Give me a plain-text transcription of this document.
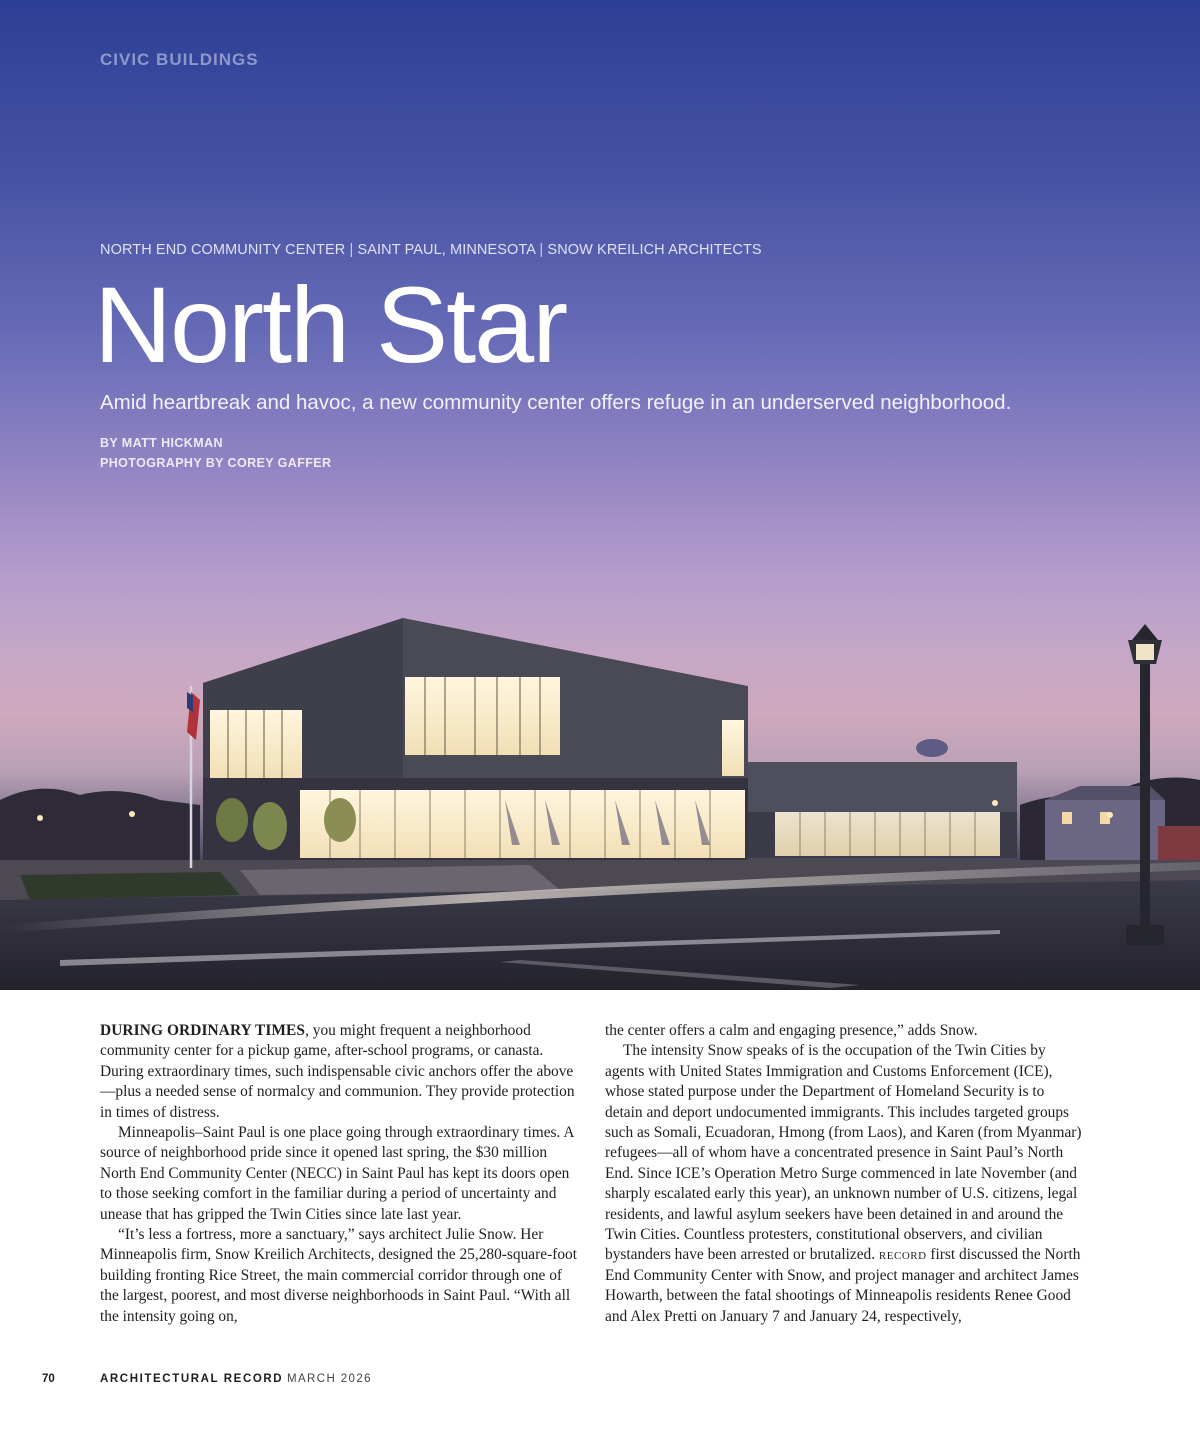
CIVIC BUILDINGS

NORTH END COMMUNITY CENTER | SAINT PAUL, MINNESOTA | SNOW KREILICH ARCHITECTS

North Star

Amid heartbreak and havoc, a new community center offers refuge in an underserved neighborhood.

BY MATT HICKMAN
PHOTOGRAPHY BY COREY GAFFER

DURING ORDINARY TIMES, you might frequent a neighborhood community center for a pickup game, after-school programs, or canasta. During extraordinary times, such indispensable civic anchors offer the above—plus a needed sense of normalcy and communion. They provide protection in times of distress.

Minneapolis–Saint Paul is one place going through extraordinary times. A source of neighborhood pride since it opened last spring, the $30 million North End Community Center (NECC) in Saint Paul has kept its doors open to those seeking comfort in the familiar during a period of uncertainty and unease that has gripped the Twin Cities since late last year.

“It’s less a fortress, more a sanctuary,” says architect Julie Snow. Her Minneapolis firm, Snow Kreilich Architects, designed the 25,280-square-foot building fronting Rice Street, the main commercial corridor through one of the largest, poorest, and most diverse neighborhoods in Saint Paul. “With all the intensity going on,

the center offers a calm and engaging presence,” adds Snow.

The intensity Snow speaks of is the occupation of the Twin Cities by agents with United States Immigration and Customs Enforcement (ICE), whose stated purpose under the Department of Homeland Security is to detain and deport undocumented immigrants. This includes targeted groups such as Somali, Ecuadoran, Hmong (from Laos), and Karen (from Myanmar) refugees—all of whom have a concentrated presence in Saint Paul’s North End. Since ICE’s Operation Metro Surge commenced in late November (and sharply escalated early this year), an unknown number of U.S. citizens, legal residents, and lawful asylum seekers have been detained in and around the Twin Cities. Countless protesters, constitutional observers, and civilian bystanders have been arrested or brutalized. record first discussed the North End Community Center with Snow, and project manager and architect James Howarth, between the fatal shootings of Minneapolis residents Renee Good and Alex Pretti on January 7 and January 24, respectively,

70	ARCHITECTURAL RECORD MARCH 2026
